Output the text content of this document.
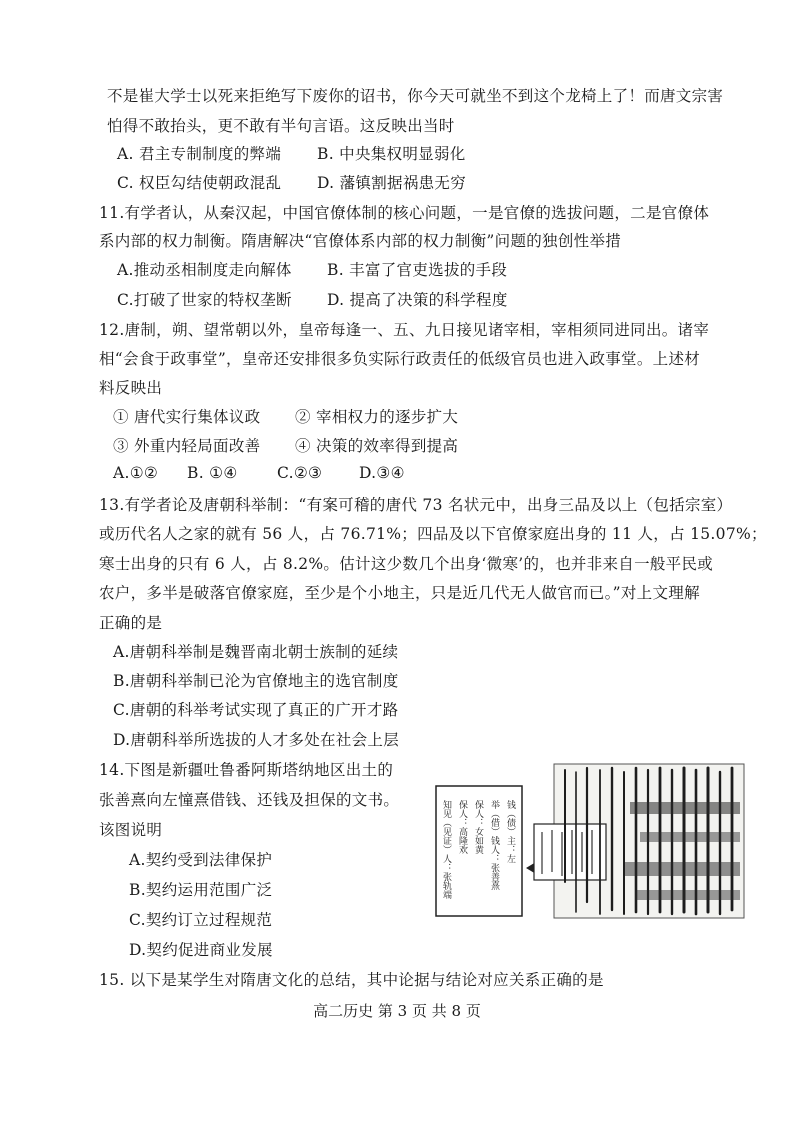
不是崔大学士以死来拒绝写下废你的诏书，你今天可就坐不到这个龙椅上了！而唐文宗害
怕得不敢抬头，更不敢有半句言语。这反映出当时
A. 君主专制制度的弊端 B. 中央集权明显弱化
C. 权臣勾结使朝政混乱 D. 藩镇割据祸患无穷
11.有学者认，从秦汉起，中国官僚体制的核心问题，一是官僚的选拔问题，二是官僚体
系内部的权力制衡。隋唐解决“官僚体系内部的权力制衡”问题的独创性举措
A.推动丞相制度走向解体 B. 丰富了官吏选拔的手段
C.打破了世家的特权垄断 D. 提高了决策的科学程度
12.唐制，朔、望常朝以外，皇帝每逢一、五、九日接见诸宰相，宰相须同进同出。诸宰
相“会食于政事堂”，皇帝还安排很多负实际行政责任的低级官员也进入政事堂。上述材
料反映出
① 唐代实行集体议政 ② 宰相权力的逐步扩大
③ 外重内轻局面改善 ④ 决策的效率得到提高
A.①② B. ①④	C.②③ D.③④
13.有学者论及唐朝科举制：“有案可稽的唐代 73 名状元中，出身三品及以上（包括宗室）
或历代名人之家的就有 56 人，占 76.71%；四品及以下官僚家庭出身的 11 人，占 15.07%；
寒士出身的只有 6 人，占 8.2%。估计这少数几个出身‘微寒’的，也并非来自一般平民或
农户，多半是破落官僚家庭，至少是个小地主，只是近几代无人做官而已。”对上文理解
正确的是
A.唐朝科举制是魏晋南北朝士族制的延续
B.唐朝科举制已沦为官僚地主的选官制度
C.唐朝的科举考试实现了真正的广开才路
D.唐朝科举所选拔的人才多处在社会上层
14.下图是新疆吐鲁番阿斯塔纳地区出土的
张善熹向左憧熹借钱、还钱及担保的文书。
该图说明
A.契约受到法律保护
B.契约运用范围广泛
C.契约订立过程规范
D.契约促进商业发展
钱（债）主：左
举（借）钱人：张善熹
保人：女如黄
保人：高隆欢
知见（见证）人：张轨端
15. 以下是某学生对隋唐文化的总结，其中论据与结论对应关系正确的是
高二历史 第 3 页 共 8 页
